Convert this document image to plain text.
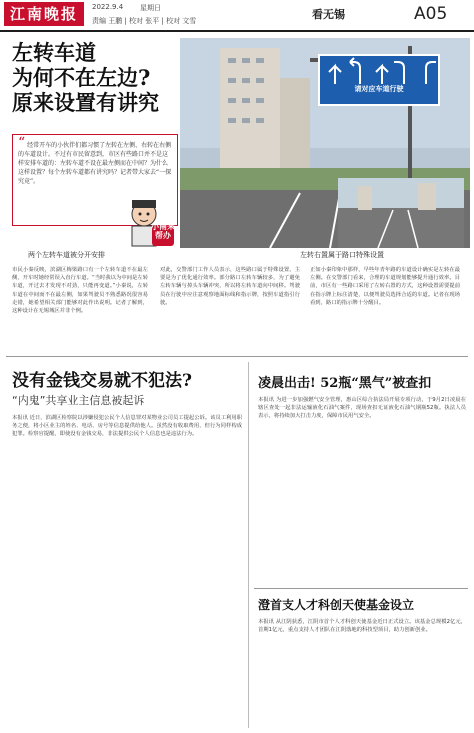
江南晚报	2022.9.4 星期日
责编 王鹏 | 校对 张平 | 校对 文雪	看无锡	A05
左转车道
为何不在左边?
原来设置有讲究
“ 经常开车的小伙伴们都习惯了左转在左侧、右转在右侧的车道设计。不过有市民留意到，市区有些路口并不是这样安排车道的：左转车道不设在最左侧而在中间？为什么这样设置？每个左转车道都有讲究吗？记者带大家去“一探究竟”。
小南来帮办
请对应车道行驶
两个左转车道被分开安排	左转右置属于路口特殊设置
市民小秦反映，滨湖区梅梁路口有一个左转车道不在最左侧，开车时她经常误入直行车道。“当时我以为中间是左转车道，开过去才发现不对劲，只能再变道。”小秦说，左转车道在中间而不在最左侧，如果驾驶员不熟悉路况很容易走错，她希望相关部门能够对此作出说明。记者了解到，这种设计在无锡城区并非个例。
对此，交警部门工作人员表示，这些路口属于特殊设置，主要是为了优化通行效率。部分路口左转车辆较多，为了避免左转车辆与掉头车辆冲突，所以将左转车道向中间移。驾驶员在行驶中应注意观察地面标线和指示牌，按照车道指引行驶。
正如小秦印象中那样，早些年青年路的车道设计确实是左转在最左侧。在交警部门看来，合理的车道规划能够提升通行效率。目前，市区有一些路口采用了左转右置的方式，这种设置需要提前在指示牌上标注清楚，以便驾驶员选择合适的车道。记者在现场看到，路口的指示牌十分醒目。
没有金钱交易就不犯法?
“内鬼”共享业主信息被起诉
本报讯 近日，滨湖区检察院以涉嫌侵犯公民个人信息罪对某物业公司员工提起公诉。该员工利用职务之便，将小区业主的姓名、电话、房号等信息提供给他人。虽然没有收取费用，但行为同样构成犯罪。检察官提醒，即使没有金钱交易，非法提供公民个人信息也是违法行为。
凌晨出击! 52瓶“黑气”被查扣
本报讯 为进一步加强燃气安全管理，惠山区综合执法局开展专项行动，于9月2日凌晨在辖区查处一起非法运输液化石油气案件，现场查扣无证液化石油气钢瓶52瓶。执法人员表示，将持续加大打击力度，保障市民用气安全。
澄首支人才科创天使基金设立
本报讯 从江阴获悉，江阴市首个人才科创天使基金近日正式设立。该基金总规模2亿元，首期1亿元，重点支持人才团队在江阴落地的科技型项目，助力创新创业。
